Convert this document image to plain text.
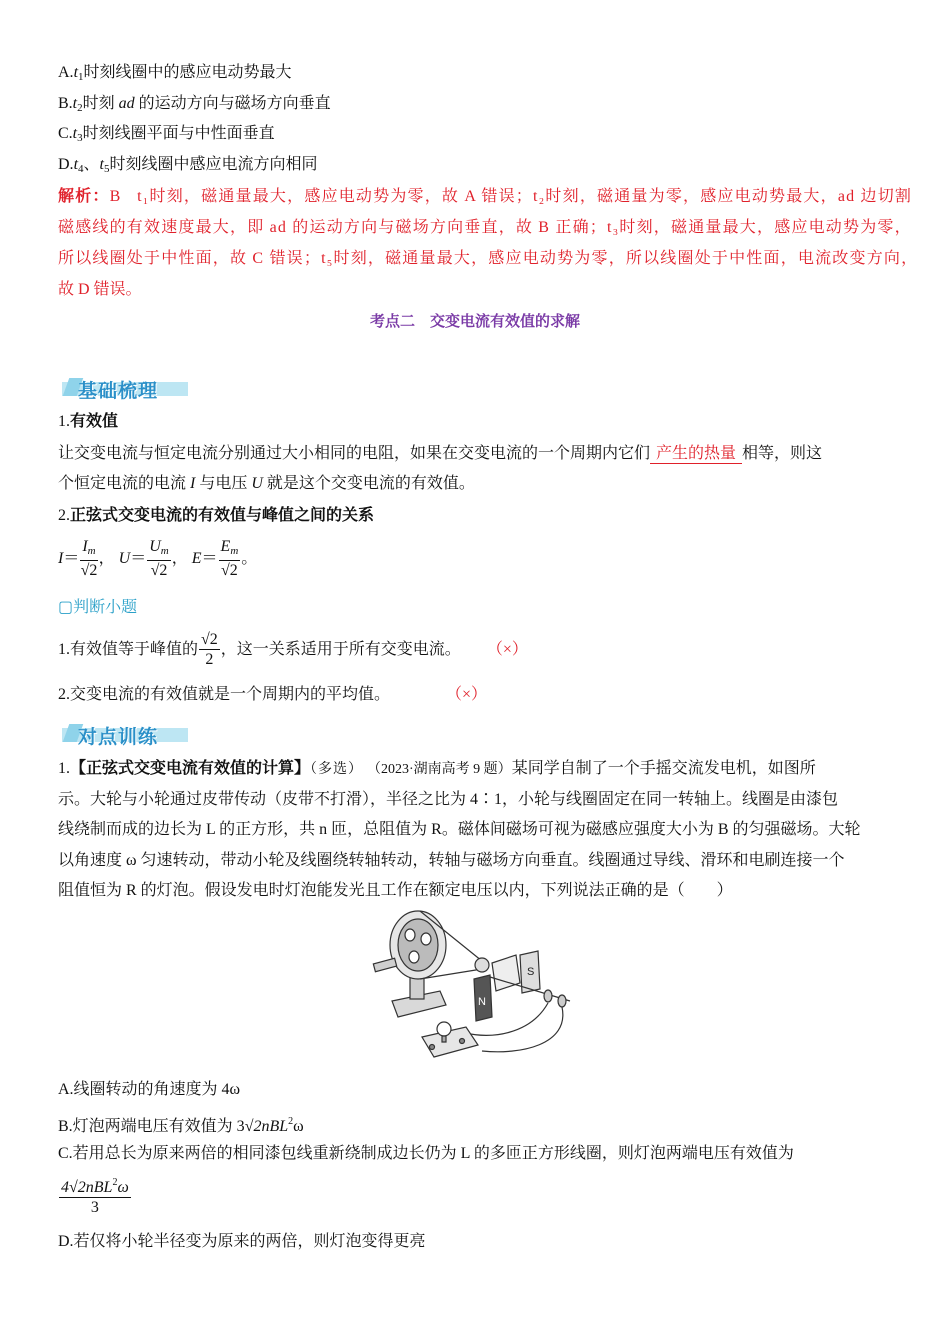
$A.t_1$时刻线圈中的感应电动势最大
$B.t_2$时刻 ad 的运动方向与磁场方向垂直
$C.t_3$时刻线圈平面与中性面垂直
$D.t_4$、$t_5$时刻线圈中感应电流方向相同
解析：B t₁时刻，磁通量最大，感应电动势为零，故 A 错误；t₂时刻，磁通量为零，感应电动势最大，ad 边切割
磁感线的有效速度最大，即 ad 的运动方向与磁场方向垂直，故 B 正确；t₃时刻，磁通量最大，感应电动势为零，
所以线圈处于中性面，故 C 错误；t₅时刻，磁通量最大，感应电动势为零，所以线圈处于中性面，电流改变方向，
故 D 错误。
考点二　交变电流有效值的求解
基础梳理
1.有效值
让交变电流与恒定电流分别通过大小相同的电阻，如果在交变电流的一个周期内它们 产生的热量 相等，则这
个恒定电流的电流 I 与电压 U 就是这个交变电流的有效值。
2.正弦式交变电流的有效值与峰值之间的关系
$I= \frac{I_m}{√2}$ ， $U= \frac{U_m}{√2}$ ， $E= \frac{E_m}{√2}$ 。
▢判断小题
1.有效值等于峰值的 $\frac{√2}{2}$ ，这一关系适用于所有交变电流。 （×）
2.交变电流的有效值就是一个周期内的平均值。	（×）
对点训练
1.【正弦式交变电流有效值的计算】（多选） （2023·湖南高考 9 题）某同学自制了一个手摇交流发电机，如图所
示。大轮与小轮通过皮带传动（皮带不打滑），半径之比为 4∶1，小轮与线圈固定在同一转轴上。线圈是由漆包
线绕制而成的边长为 L 的正方形，共 n 匝，总阻值为 R。磁体间磁场可视为磁感应强度大小为 B 的匀强磁场。大轮
以角速度 ω 匀速转动，带动小轮及线圈绕转轴转动，转轴与磁场方向垂直。线圈通过导线、滑环和电刷连接一个
阻值恒为 R 的灯泡。假设发电时灯泡能发光且工作在额定电压以内，下列说法正确的是（　　）
N
S
A.线圈转动的角速度为 4ω
B.灯泡两端电压有效值为 3√2nBL$^2$ω
C.若用总长为原来两倍的相同漆包线重新绕制成边长仍为 L 的多匝正方形线圈，则灯泡两端电压有效值为
$\frac{4√2nBL^2\omega}{3}$
D.若仅将小轮半径变为原来的两倍，则灯泡变得更亮
